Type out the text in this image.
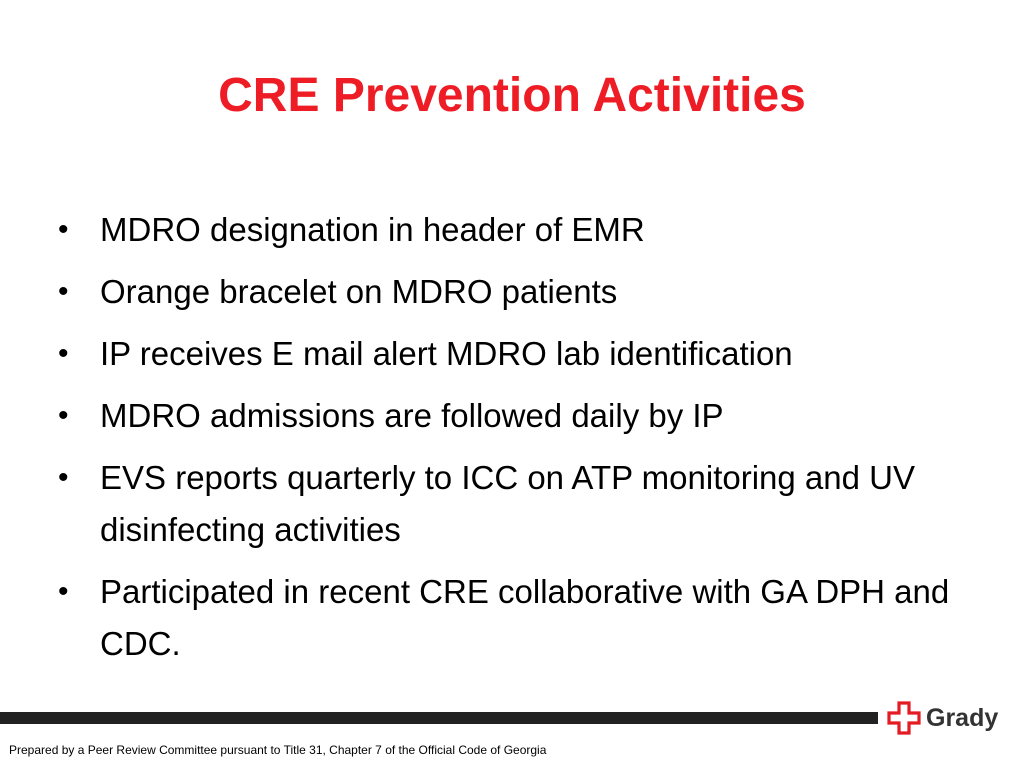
CRE Prevention Activities
• MDRO designation in header of EMR
• Orange bracelet on MDRO patients
• IP receives E mail alert MDRO lab identification
• MDRO admissions are followed daily by IP
• EVS reports quarterly to ICC on ATP monitoring and UV disinfecting activities
• Participated in recent CRE collaborative with GA DPH and CDC.
Grady
Prepared by a Peer Review Committee pursuant to Title 31, Chapter 7 of the Official Code of Georgia
